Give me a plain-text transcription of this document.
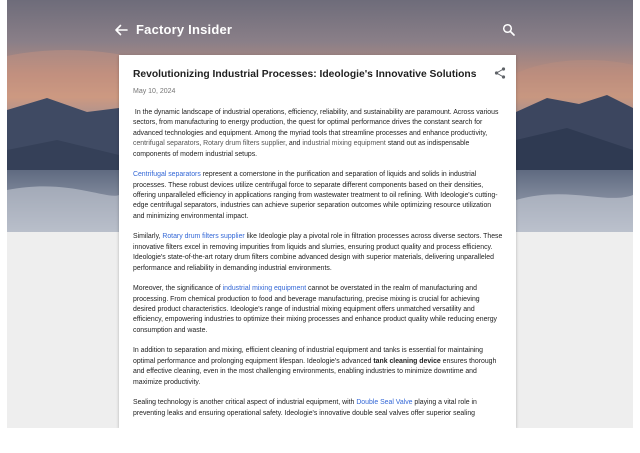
Factory Insider
Revolutionizing Industrial Processes: Ideologie's Innovative Solutions
May 10, 2024

In the dynamic landscape of industrial operations, efficiency, reliability, and sustainability are paramount. Across various sectors, from manufacturing to energy production, the quest for optimal performance drives the constant search for advanced technologies and equipment. Among the myriad tools that streamline processes and enhance productivity, centrifugal separators, Rotary drum filters supplier, and industrial mixing equipment stand out as indispensable components of modern industrial setups.

Centrifugal separators represent a cornerstone in the purification and separation of liquids and solids in industrial processes. These robust devices utilize centrifugal force to separate different components based on their densities, offering unparalleled efficiency in applications ranging from wastewater treatment to oil refining. With Ideologie's cutting-edge centrifugal separators, industries can achieve superior separation outcomes while optimizing resource utilization and minimizing environmental impact.

Similarly, Rotary drum filters supplier like Ideologie play a pivotal role in filtration processes across diverse sectors. These innovative filters excel in removing impurities from liquids and slurries, ensuring product quality and process efficiency. Ideologie's state-of-the-art rotary drum filters combine advanced design with superior materials, delivering unparalleled performance and reliability in demanding industrial environments.

Moreover, the significance of industrial mixing equipment cannot be overstated in the realm of manufacturing and processing. From chemical production to food and beverage manufacturing, precise mixing is crucial for achieving desired product characteristics. Ideologie's range of industrial mixing equipment offers unmatched versatility and efficiency, empowering industries to optimize their mixing processes and enhance product quality while reducing energy consumption and waste.

In addition to separation and mixing, efficient cleaning of industrial equipment and tanks is essential for maintaining optimal performance and prolonging equipment lifespan. Ideologie's advanced tank cleaning device ensures thorough and effective cleaning, even in the most challenging environments, enabling industries to minimize downtime and maximize productivity.

Sealing technology is another critical aspect of industrial equipment, with Double Seal Valve playing a vital role in preventing leaks and ensuring operational safety. Ideologie's innovative double seal valves offer superior sealing
